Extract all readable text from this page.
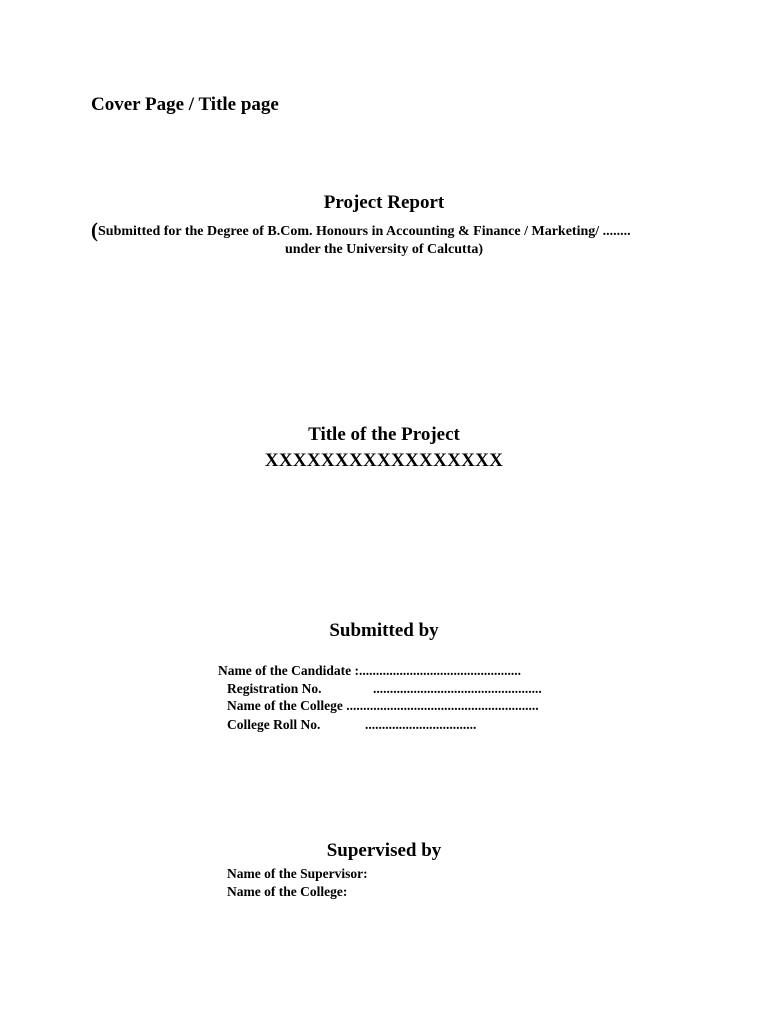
Cover Page / Title page
Project Report
(Submitted for the Degree of B.Com. Honours in Accounting & Finance / Marketing/ ........
under the University of Calcutta)
Title of the Project
XXXXXXXXXXXXXXXXX
Submitted by
Name of the Candidate :................................................
Registration No.	..................................................
Name of the College .........................................................
College Roll No.	.................................
Supervised by
Name of the Supervisor:
Name of the College:
